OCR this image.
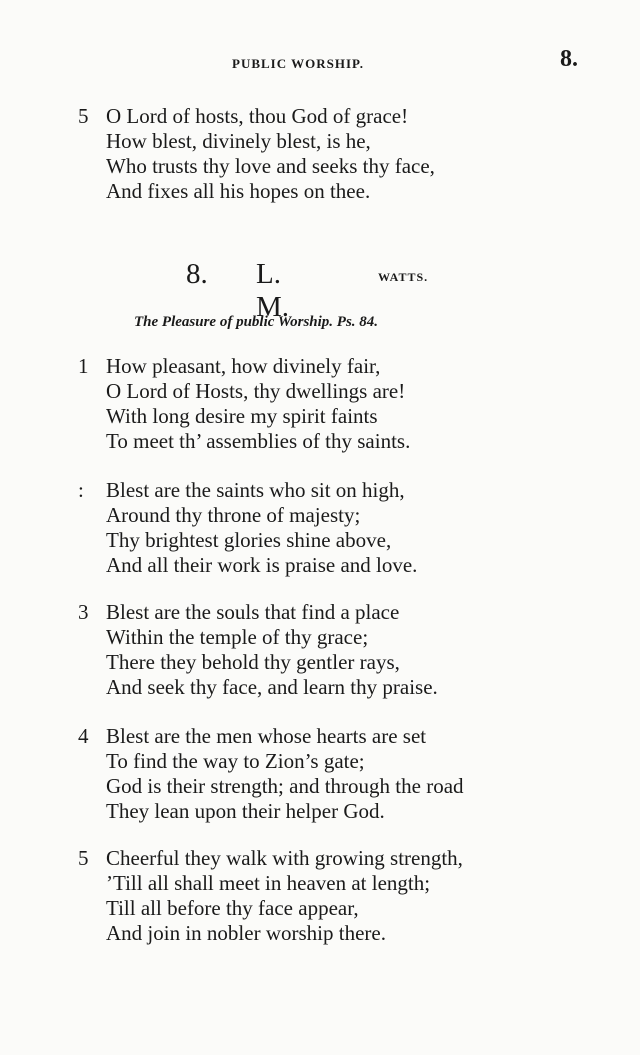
PUBLIC WORSHIP.	8.
5 O Lord of hosts, thou God of grace!
How blest, divinely blest, is he,
Who trusts thy love and seeks thy face,
And fixes all his hopes on thee.
8. L. M.
WATTS.
The Pleasure of public Worship. Ps. 84.
1 How pleasant, how divinely fair,
O Lord of Hosts, thy dwellings are!
With long desire my spirit faints
To meet th’ assemblies of thy saints.
: Blest are the saints who sit on high,
Around thy throne of majesty;
Thy brightest glories shine above,
And all their work is praise and love.
3 Blest are the souls that find a place
Within the temple of thy grace;
There they behold thy gentler rays,
And seek thy face, and learn thy praise.
4 Blest are the men whose hearts are set
To find the way to Zion’s gate;
God is their strength; and through the road
They lean upon their helper God.
5 Cheerful they walk with growing strength,
’Till all shall meet in heaven at length;
Till all before thy face appear,
And join in nobler worship there.
